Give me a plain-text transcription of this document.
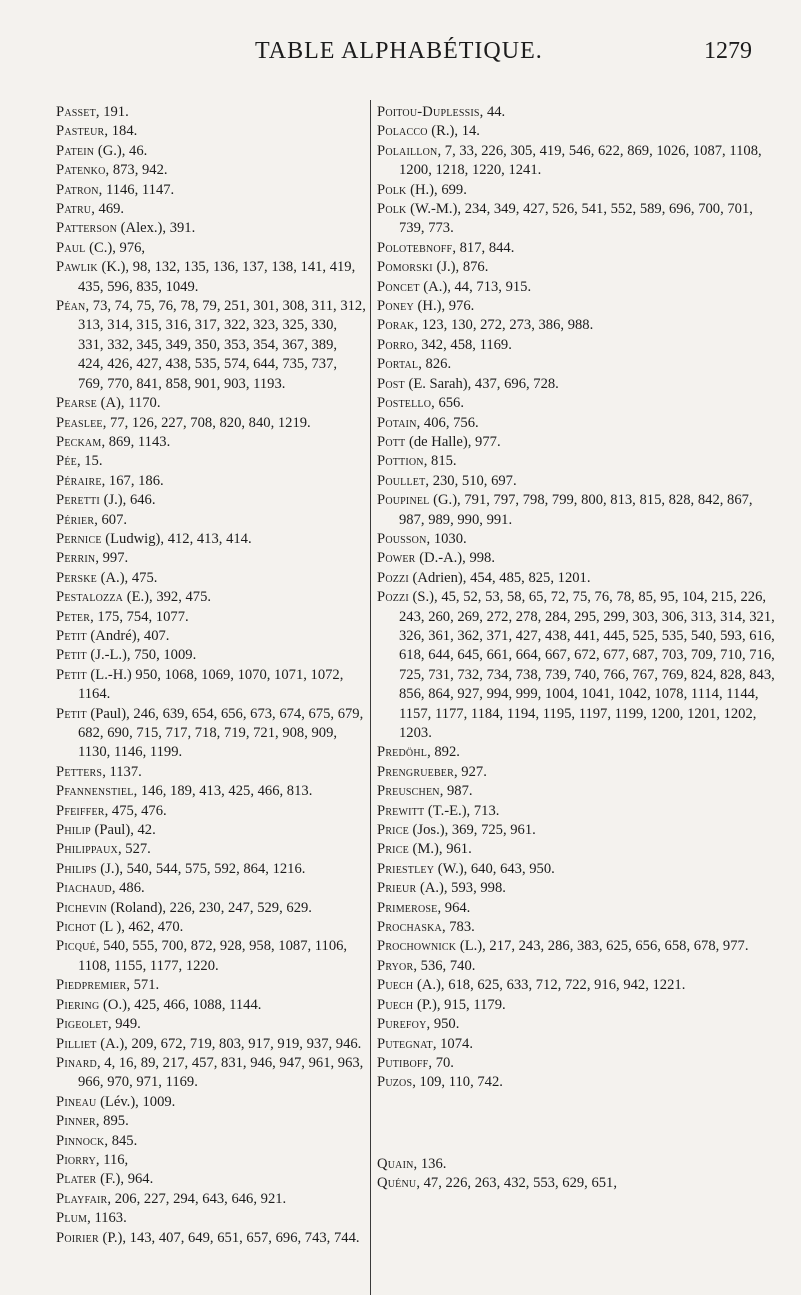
TABLE ALPHABÉTIQUE.	1279

Passet, 191.

Pasteur, 184.

Patein (G.), 46.

Patenko, 873, 942.

Patron, 1146, 1147.

Patru, 469.

Patterson (Alex.), 391.

Paul (C.), 976,

Pawlik (K.), 98, 132, 135, 136, 137, 138, 141, 419, 435, 596, 835, 1049.

Péan, 73, 74, 75, 76, 78, 79, 251, 301, 308, 311, 312, 313, 314, 315, 316, 317, 322, 323, 325, 330, 331, 332, 345, 349, 350, 353, 354, 367, 389, 424, 426, 427, 438, 535, 574, 644, 735, 737, 769, 770, 841, 858, 901, 903, 1193.

Pearse (A), 1170.

Peaslee, 77, 126, 227, 708, 820, 840, 1219.

Peckam, 869, 1143.

Pée, 15.

Péraire, 167, 186.

Peretti (J.), 646.

Périer, 607.

Pernice (Ludwig), 412, 413, 414.

Perrin, 997.

Perske (A.), 475.

Pestalozza (E.), 392, 475.

Peter, 175, 754, 1077.

Petit (André), 407.

Petit (J.-L.), 750, 1009.

Petit (L.-H.) 950, 1068, 1069, 1070, 1071, 1072, 1164.

Petit (Paul), 246, 639, 654, 656, 673, 674, 675, 679, 682, 690, 715, 717, 718, 719, 721, 908, 909, 1130, 1146, 1199.

Petters, 1137.

Pfannenstiel, 146, 189, 413, 425, 466, 813.

Pfeiffer, 475, 476.

Philip (Paul), 42.

Philippaux, 527.

Philips (J.), 540, 544, 575, 592, 864, 1216.

Piachaud, 486.

Pichevin (Roland), 226, 230, 247, 529, 629.

Pichot (L ), 462, 470.

Picqué, 540, 555, 700, 872, 928, 958, 1087, 1106, 1108, 1155, 1177, 1220.

Piedpremier, 571.

Piering (O.), 425, 466, 1088, 1144.

Pigeolet, 949.

Pilliet (A.), 209, 672, 719, 803, 917, 919, 937, 946.

Pinard, 4, 16, 89, 217, 457, 831, 946, 947, 961, 963, 966, 970, 971, 1169.

Pineau (Lév.), 1009.

Pinner, 895.

Pinnock, 845.

Piorry, 116,

Plater (F.), 964.

Playfair, 206, 227, 294, 643, 646, 921.

Plum, 1163.

Poirier (P.), 143, 407, 649, 651, 657, 696, 743, 744.

Poitou-Duplessis, 44.

Polacco (R.), 14.

Polaillon, 7, 33, 226, 305, 419, 546, 622, 869, 1026, 1087, 1108, 1200, 1218, 1220, 1241.

Polk (H.), 699.

Polk (W.-M.), 234, 349, 427, 526, 541, 552, 589, 696, 700, 701, 739, 773.

Polotebnoff, 817, 844.

Pomorski (J.), 876.

Poncet (A.), 44, 713, 915.

Poney (H.), 976.

Porak, 123, 130, 272, 273, 386, 988.

Porro, 342, 458, 1169.

Portal, 826.

Post (E. Sarah), 437, 696, 728.

Postello, 656.

Potain, 406, 756.

Pott (de Halle), 977.

Pottion, 815.

Poullet, 230, 510, 697.

Poupinel (G.), 791, 797, 798, 799, 800, 813, 815, 828, 842, 867, 987, 989, 990, 991.

Pousson, 1030.

Power (D.-A.), 998.

Pozzi (Adrien), 454, 485, 825, 1201.

Pozzi (S.), 45, 52, 53, 58, 65, 72, 75, 76, 78, 85, 95, 104, 215, 226, 243, 260, 269, 272, 278, 284, 295, 299, 303, 306, 313, 314, 321, 326, 361, 362, 371, 427, 438, 441, 445, 525, 535, 540, 593, 616, 618, 644, 645, 661, 664, 667, 672, 677, 687, 703, 709, 710, 716, 725, 731, 732, 734, 738, 739, 740, 766, 767, 769, 824, 828, 843, 856, 864, 927, 994, 999, 1004, 1041, 1042, 1078, 1114, 1144, 1157, 1177, 1184, 1194, 1195, 1197, 1199, 1200, 1201, 1202, 1203.

Predöhl, 892.

Prengrueber, 927.

Preuschen, 987.

Prewitt (T.-E.), 713.

Price (Jos.), 369, 725, 961.

Price (M.), 961.

Priestley (W.), 640, 643, 950.

Prieur (A.), 593, 998.

Primerose, 964.

Prochaska, 783.

Prochownick (L.), 217, 243, 286, 383, 625, 656, 658, 678, 977.

Pryor, 536, 740.

Puech (A.), 618, 625, 633, 712, 722, 916, 942, 1221.

Puech (P.), 915, 1179.

Purefoy, 950.

Putegnat, 1074.

Putiboff, 70.

Puzos, 109, 110, 742.

Quain, 136.

Quénu, 47, 226, 263, 432, 553, 629, 651,
